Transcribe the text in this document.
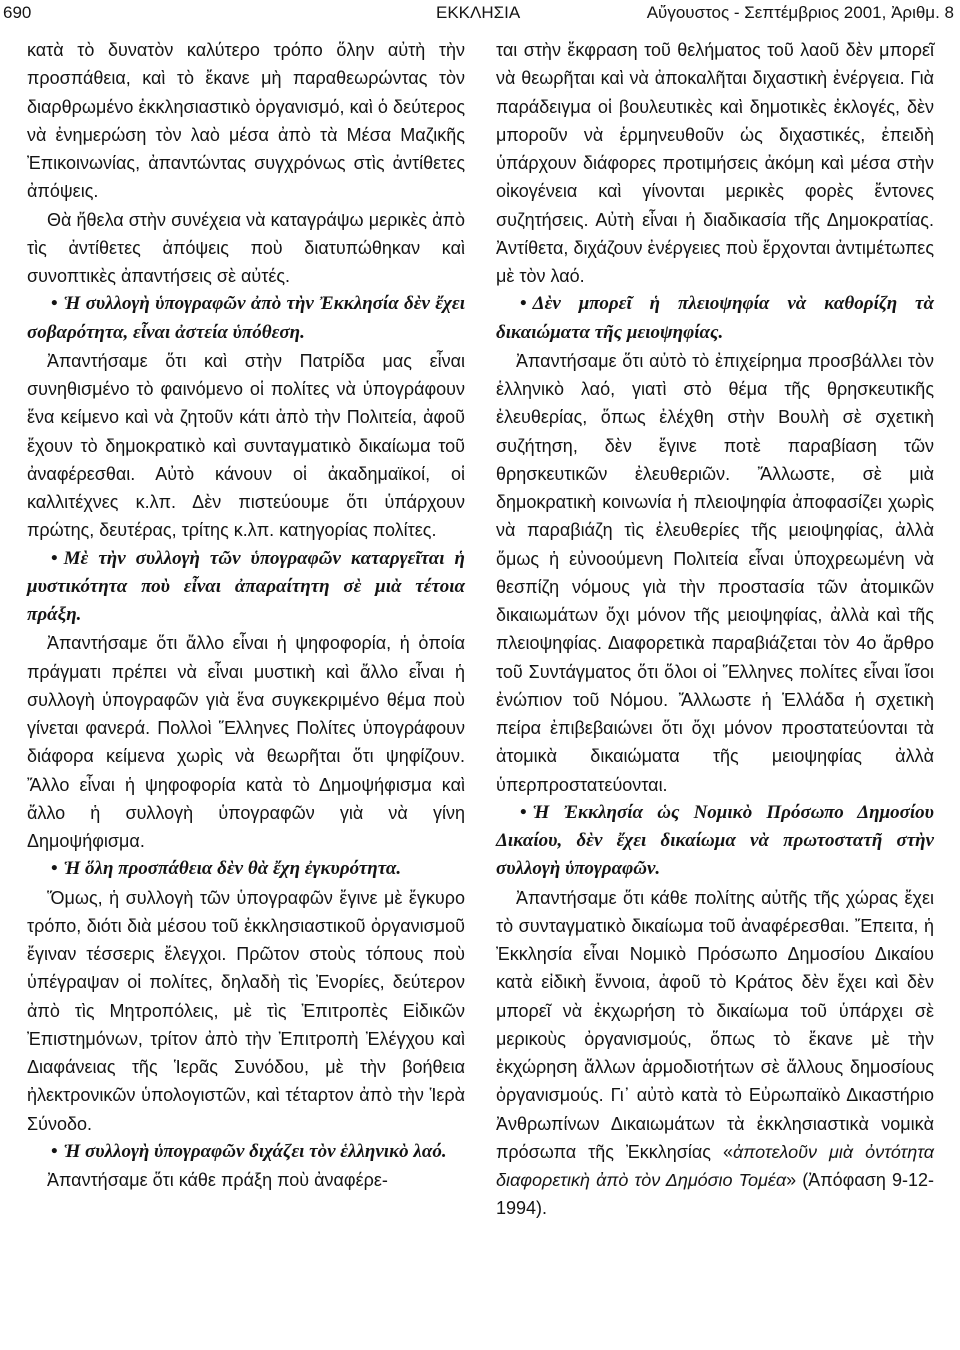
690	ΕΚΚΛΗΣΙΑ	Αὔγουστος - Σεπτέμβριος 2001, Ἀριθμ. 8

κατὰ τὸ δυνατὸν καλύτερο τρόπο ὅλην αὐτὴ τὴν προσπάθεια, καὶ τὸ ἔκανε μὴ παραθεωρώντας τὸν διαρθρωμένο ἐκκλησιαστικὸ ὀργανισμό, καὶ ὁ δεύτερος νὰ ἐνημερώση τὸν λαὸ μέσα ἀπὸ τὰ Μέσα Μαζικῆς Ἐπικοινωνίας, ἀπαντώντας συγχρόνως στὶς ἀντίθετες ἀπόψεις.

Θὰ ἤθελα στὴν συνέχεια νὰ καταγράψω μερικὲς ἀπὸ τὶς ἀντίθετες ἀπόψεις ποὺ διατυπώθηκαν καὶ συνοπτικὲς ἀπαντήσεις σὲ αὐτές.

• Ἡ συλλογὴ ὑπογραφῶν ἀπὸ τὴν Ἐκκλησία δὲν ἔχει σοβαρότητα, εἶναι ἀστεία ὑπόθεση.

Ἀπαντήσαμε ὅτι καὶ στὴν Πατρίδα μας εἶναι συνηθισμένο τὸ φαινόμενο οἱ πολίτες νὰ ὑπογράφουν ἕνα κείμενο καὶ νὰ ζητοῦν κάτι ἀπὸ τὴν Πολιτεία, ἀφοῦ ἔχουν τὸ δημοκρατικὸ καὶ συνταγματικὸ δικαίωμα τοῦ ἀναφέρεσθαι. Αὐτὸ κάνουν οἱ ἀκαδημαϊκοί, οἱ καλλιτέχνες κ.λπ. Δὲν πιστεύουμε ὅτι ὑπάρχουν πρώτης, δευτέρας, τρίτης κ.λπ. κατηγορίας πολίτες.

• Μὲ τὴν συλλογὴ τῶν ὑπογραφῶν καταργεῖται ἡ μυστικότητα ποὺ εἶναι ἀπαραίτητη σὲ μιὰ τέτοια πράξη.

Ἀπαντήσαμε ὅτι ἄλλο εἶναι ἡ ψηφοφορία, ἡ ὁποία πράγματι πρέπει νὰ εἶναι μυστικὴ καὶ ἄλλο εἶναι ἡ συλλογὴ ὑπογραφῶν γιὰ ἕνα συγκεκριμένο θέμα ποὺ γίνεται φανερά. Πολλοὶ Ἕλληνες Πολίτες ὑπογράφουν διάφορα κείμενα χωρὶς νὰ θεωρῆται ὅτι ψηφίζουν. Ἄλλο εἶναι ἡ ψηφοφορία κατὰ τὸ Δημοψήφισμα καὶ ἄλλο ἡ συλλογὴ ὑπογραφῶν γιὰ νὰ γίνη Δημοψήφισμα.

• Ἡ ὅλη προσπάθεια δὲν θὰ ἔχη ἐγκυρότητα.

Ὅμως, ἡ συλλογὴ τῶν ὑπογραφῶν ἔγινε μὲ ἔγκυρο τρόπο, διότι διὰ μέσου τοῦ ἐκκλησιαστικοῦ ὀργανισμοῦ ἔγιναν τέσσερις ἔλεγχοι. Πρῶτον στοὺς τόπους ποὺ ὑπέγραψαν οἱ πολίτες, δηλαδὴ τὶς Ἐνορίες, δεύτερον ἀπὸ τὶς Μητροπόλεις, μὲ τὶς Ἐπιτροπὲς Εἰδικῶν Ἐπιστημόνων, τρίτον ἀπὸ τὴν Ἐπιτροπὴ Ἐλέγχου καὶ Διαφάνειας τῆς Ἱερᾶς Συνόδου, μὲ τὴν βοήθεια ἠλεκτρονικῶν ὑπολογιστῶν, καὶ τέταρτον ἀπὸ τὴν Ἱερὰ Σύνοδο.

• Ἡ συλλογὴ ὑπογραφῶν διχάζει τὸν ἑλληνικὸ λαό.

Ἀπαντήσαμε ὅτι κάθε πράξη ποὺ ἀναφέρε-

ται στὴν ἔκφραση τοῦ θελήματος τοῦ λαοῦ δὲν μπορεῖ νὰ θεωρῆται καὶ νὰ ἀποκαλῆται διχαστικὴ ἐνέργεια. Γιὰ παράδειγμα οἱ βουλευτικὲς καὶ δημοτικὲς ἐκλογές, δὲν μποροῦν νὰ ἑρμηνευθοῦν ὡς διχαστικές, ἐπειδὴ ὑπάρχουν διάφορες προτιμήσεις ἀκόμη καὶ μέσα στὴν οἰκογένεια καὶ γίνονται μερικὲς φορὲς ἔντονες συζητήσεις. Αὐτὴ εἶναι ἡ διαδικασία τῆς Δημοκρατίας. Ἀντίθετα, διχάζουν ἐνέργειες ποὺ ἔρχονται ἀντιμέτωπες μὲ τὸν λαό.

• Δὲν μπορεῖ ἡ πλειοψηφία νὰ καθορίζη τὰ δικαιώματα τῆς μειοψηφίας.

Ἀπαντήσαμε ὅτι αὐτὸ τὸ ἐπιχείρημα προσβάλλει τὸν ἑλληνικὸ λαό, γιατὶ στὸ θέμα τῆς θρησκευτικῆς ἐλευθερίας, ὅπως ἐλέχθη στὴν Βουλὴ σὲ σχετικὴ συζήτηση, δὲν ἔγινε ποτὲ παραβίαση τῶν θρησκευτικῶν ἐλευθεριῶν. Ἄλλωστε, σὲ μιὰ δημοκρατικὴ κοινωνία ἡ πλειοψηφία ἀποφασίζει χωρὶς νὰ παραβιάζη τὶς ἐλευθερίες τῆς μειοψηφίας, ἀλλὰ ὅμως ἡ εὐνοούμενη Πολιτεία εἶναι ὑποχρεωμένη νὰ θεσπίζη νόμους γιὰ τὴν προστασία τῶν ἀτομικῶν δικαιωμάτων ὄχι μόνον τῆς μειοψηφίας, ἀλλὰ καὶ τῆς πλειοψηφίας. Διαφορετικὰ παραβιάζεται τὸν 4ο ἄρθρο τοῦ Συντάγματος ὅτι ὅλοι οἱ Ἕλληνες πολίτες εἶναι ἴσοι ἐνώπιον τοῦ Νόμου. Ἄλλωστε ἡ Ἑλλάδα ἡ σχετικὴ πείρα ἐπιβεβαιώνει ὅτι ὄχι μόνον προστατεύονται τὰ ἀτομικὰ δικαιώματα τῆς μειοψηφίας ἀλλὰ ὑπερπροστατεύονται.

• Ἡ Ἐκκλησία ὡς Νομικὸ Πρόσωπο Δημοσίου Δικαίου, δὲν ἔχει δικαίωμα νὰ πρωτοστατῆ στὴν συλλογὴ ὑπογραφῶν.

Ἀπαντήσαμε ὅτι κάθε πολίτης αὐτῆς τῆς χώρας ἔχει τὸ συνταγματικὸ δικαίωμα τοῦ ἀναφέρεσθαι. Ἔπειτα, ἡ Ἐκκλησία εἶναι Νομικὸ Πρόσωπο Δημοσίου Δικαίου κατὰ εἰδικὴ ἔννοια, ἀφοῦ τὸ Κράτος δὲν ἔχει καὶ δὲν μπορεῖ νὰ ἐκχωρήση τὸ δικαίωμα τοῦ ὑπάρχει σὲ μερικοὺς ὀργανισμούς, ὅπως τὸ ἔκανε μὲ τὴν ἐκχώρηση ἄλλων ἁρμοδιοτήτων σὲ ἄλλους δημοσίους ὀργανισμούς. Γι᾽ αὐτὸ κατὰ τὸ Εὐρωπαϊκὸ Δικαστήριο Ἀνθρωπίνων Δικαιωμάτων τὰ ἐκκλησιαστικὰ νομικὰ πρόσωπα τῆς Ἐκκλησίας «ἀποτελοῦν μιὰ ὀντότητα διαφορετικὴ ἀπὸ τὸν Δημόσιο Τομέα» (Ἀπόφαση 9-12-1994).
